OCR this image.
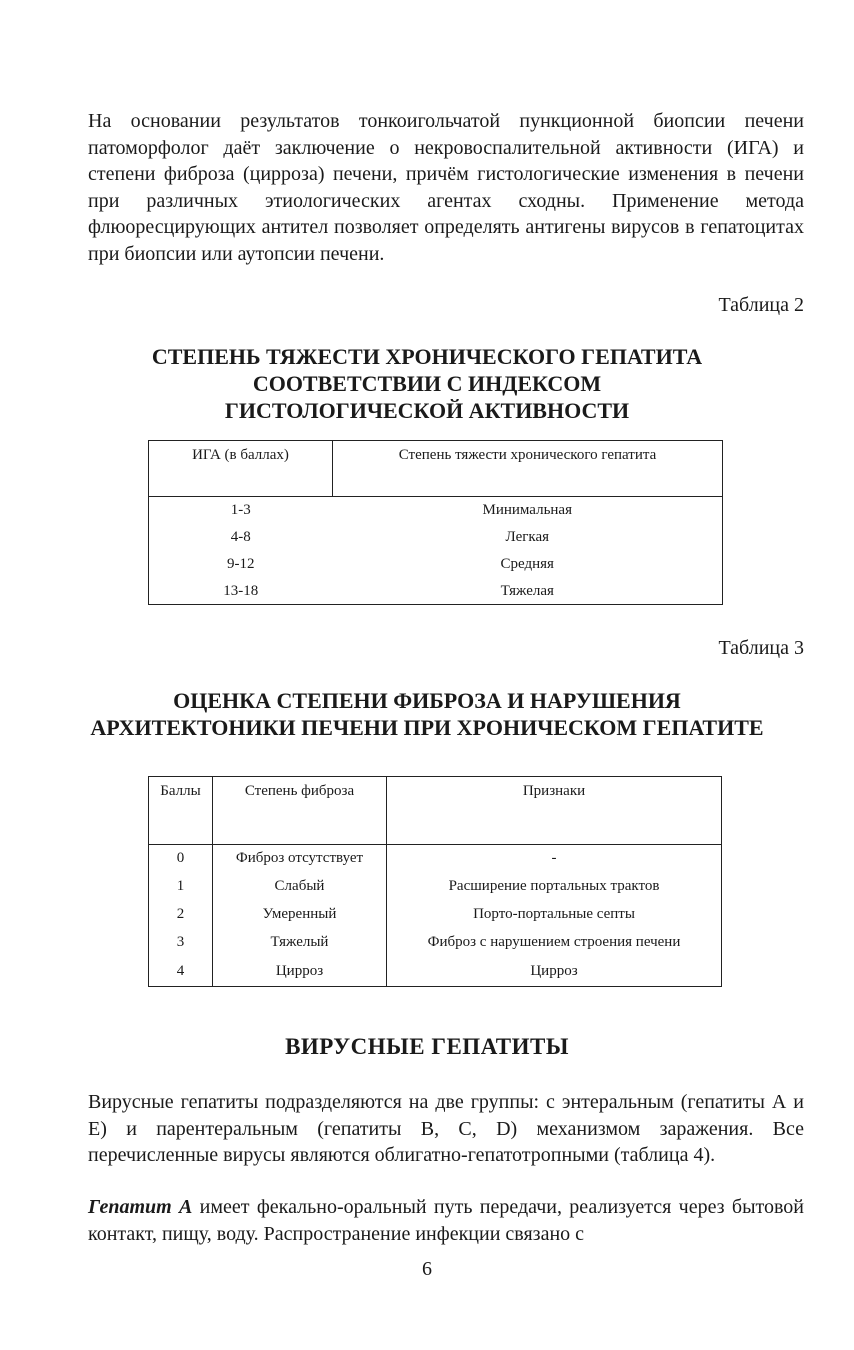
На основании результатов тонкоигольчатой пункционной биопсии печени патоморфолог даёт заключение о некровоспалительной активности (ИГА) и степени фиброза (цирроза) печени, причём гистологические изменения в печени при различных этиологических агентах сходны. Применение метода флюоресцирующих антител позволяет определять антигены вирусов в гепатоцитах при биопсии или аутопсии печени.

Таблица 2
СТЕПЕНЬ ТЯЖЕСТИ ХРОНИЧЕСКОГО ГЕПАТИТА
СООТВЕТСТВИИ С ИНДЕКСОМ
ГИСТОЛОГИЧЕСКОЙ АКТИВНОСТИ
ИГА (в баллах)	Степень тяжести хронического гепатита
1-3	Минимальная
4-8	Легкая
9-12	Средняя
13-18	Тяжелая
Таблица 3
ОЦЕНКА СТЕПЕНИ ФИБРОЗА И НАРУШЕНИЯ
АРХИТЕКТОНИКИ ПЕЧЕНИ ПРИ ХРОНИЧЕСКОМ ГЕПАТИТЕ
Баллы	Степень фиброза	Признаки
0	Фиброз отсутствует	-
1	Слабый	Расширение портальных трактов
2	Умеренный	Порто-портальные септы
3	Тяжелый	Фиброз с нарушением строения печени
4	Цирроз	Цирроз
ВИРУСНЫЕ ГЕПАТИТЫ

Вирусные гепатиты подразделяются на две группы: с энтеральным (гепатиты А и Е) и парентеральным (гепатиты В, С, D) механизмом заражения. Все перечисленные вирусы являются облигатно-гепатотропными (таблица 4).

Гепатит А имеет фекально-оральный путь передачи, реализуется через бытовой контакт, пищу, воду. Распространение инфекции связано с

6
